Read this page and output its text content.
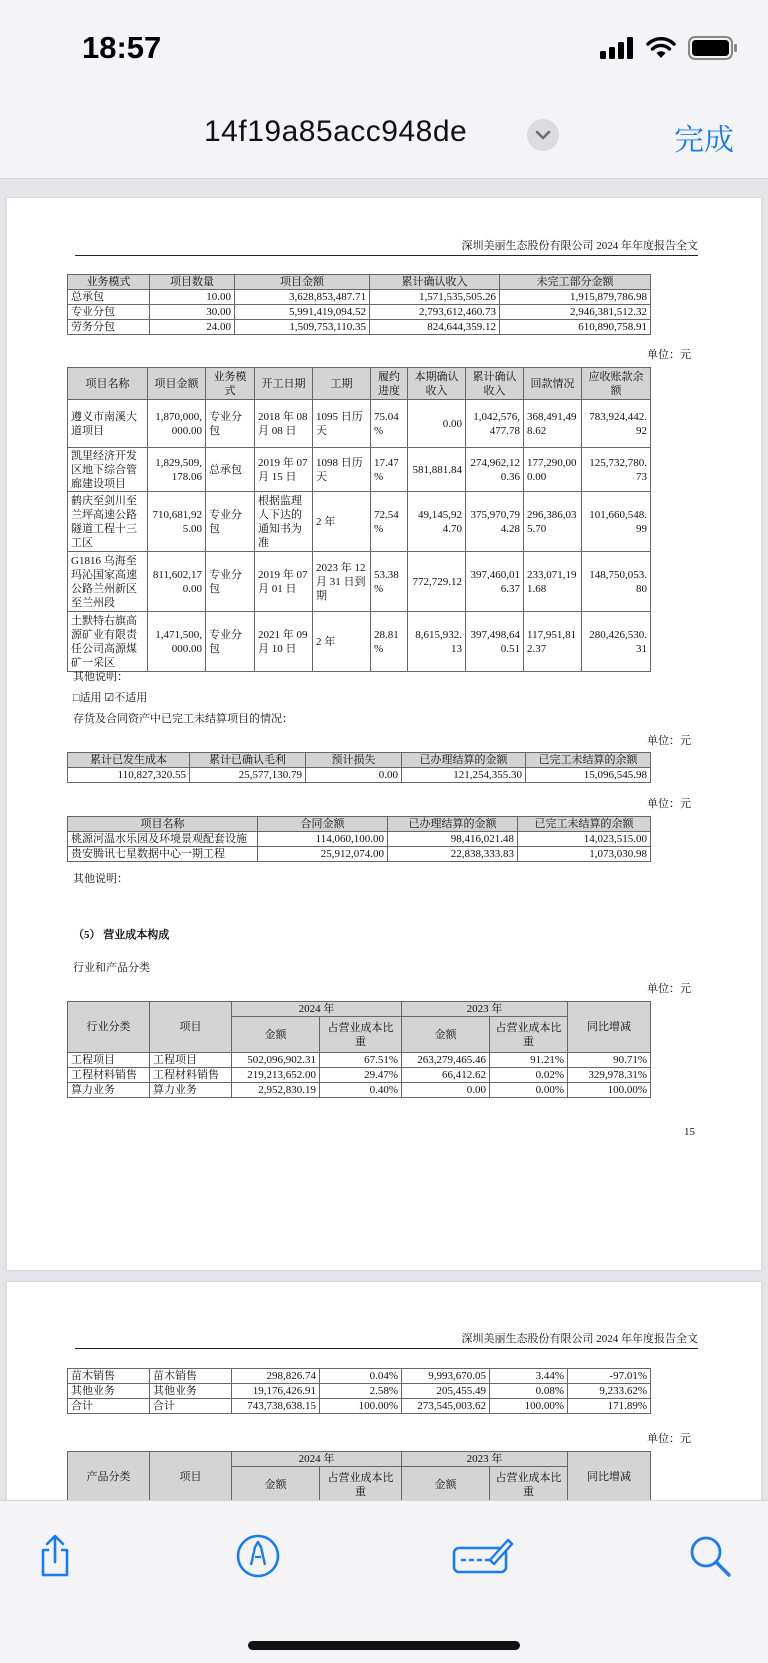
18:57
14f19a85acc948de	完成
深圳美丽生态股份有限公司 2024 年年度报告全文
业务模式	项目数量	项目金额	累计确认收入	未完工部分金额
总承包	10.00	3,628,853,487.71	1,571,535,505.26	1,915,879,786.98
专业分包	30.00	5,991,419,094.52	2,793,612,460.73	2,946,381,512.32
劳务分包	24.00	1,509,753,110.35	824,644,359.12	610,890,758.91
单位：元
项目名称	项目金额	业务模式	开工日期	工期	履约进度	本期确认收入	累计确认收入	回款情况	应收账款余额
遵义市南溪大道项目	1,870,000,000.00	专业分包	2018 年 08 月 08 日	1095 日历天	75.04 %	0.00	1,042,576,477.78	368,491,498.62	783,924,442.92
凯里经济开发区地下综合管廊建设项目	1,829,509,178.06	总承包	2019 年 07 月 15 日	1098 日历天	17.47 %	581,881.84	274,962,120.36	177,290,000.00	125,732,780.73
鹤庆至剑川至兰坪高速公路隧道工程十三工区	710,681,925.00	专业分包	根据监理人下达的通知书为准	2 年	72.54 %	49,145,924.70	375,970,794.28	296,386,035.70	101,660,548.99
G1816 乌海至玛沁国家高速公路兰州新区至兰州段	811,602,170.00	专业分包	2019 年 07 月 01 日	2023 年 12 月 31 日到期	53.38 %	772,729.12	397,460,016.37	233,071,191.68	148,750,053.80
土默特右旗高源矿业有限责任公司高源煤矿一采区	1,471,500,000.00	专业分包	2021 年 09 月 10 日	2 年	28.81 %	8,615,932.13	397,498,640.51	117,951,812.37	280,426,530.31
其他说明：
□适用 ☑不适用
存货及合同资产中已完工未结算项目的情况：
单位：元
累计已发生成本	累计已确认毛利	预计损失	已办理结算的金额	已完工未结算的余额
110,827,320.55	25,577,130.79	0.00	121,254,355.30	15,096,545.98
单位：元
项目名称	合同金额	已办理结算的金额	已完工未结算的余额
桃源河温水乐园及环境景观配套设施	114,060,100.00	98,416,021.48	14,023,515.00
贵安腾讯七星数据中心一期工程	25,912,074.00	22,838,333.83	1,073,030.98
其他说明：
（5） 营业成本构成
行业和产品分类
单位：元
行业分类	项目	2024 年		2023 年		同比增减
		金额	占营业成本比重	金额	占营业成本比重	
工程项目	工程项目	502,096,902.31	67.51%	263,279,465.46	91.21%	90.71%
工程材料销售	工程材料销售	219,213,652.00	29.47%	66,412.62	0.02%	329,978.31%
算力业务	算力业务	2,952,830.19	0.40%	0.00	0.00%	100.00%
15
深圳美丽生态股份有限公司 2024 年年度报告全文
苗木销售	苗木销售	298,826.74	0.04%	9,993,670.05	3.44%	-97.01%
其他业务	其他业务	19,176,426.91	2.58%	205,455.49	0.08%	9,233.62%
合计	合计	743,738,638.15	100.00%	273,545,003.62	100.00%	171.89%
单位：元
产品分类	项目	2024 年		2023 年		同比增减
		金额	占营业成本比重	金额	占营业成本比重	
